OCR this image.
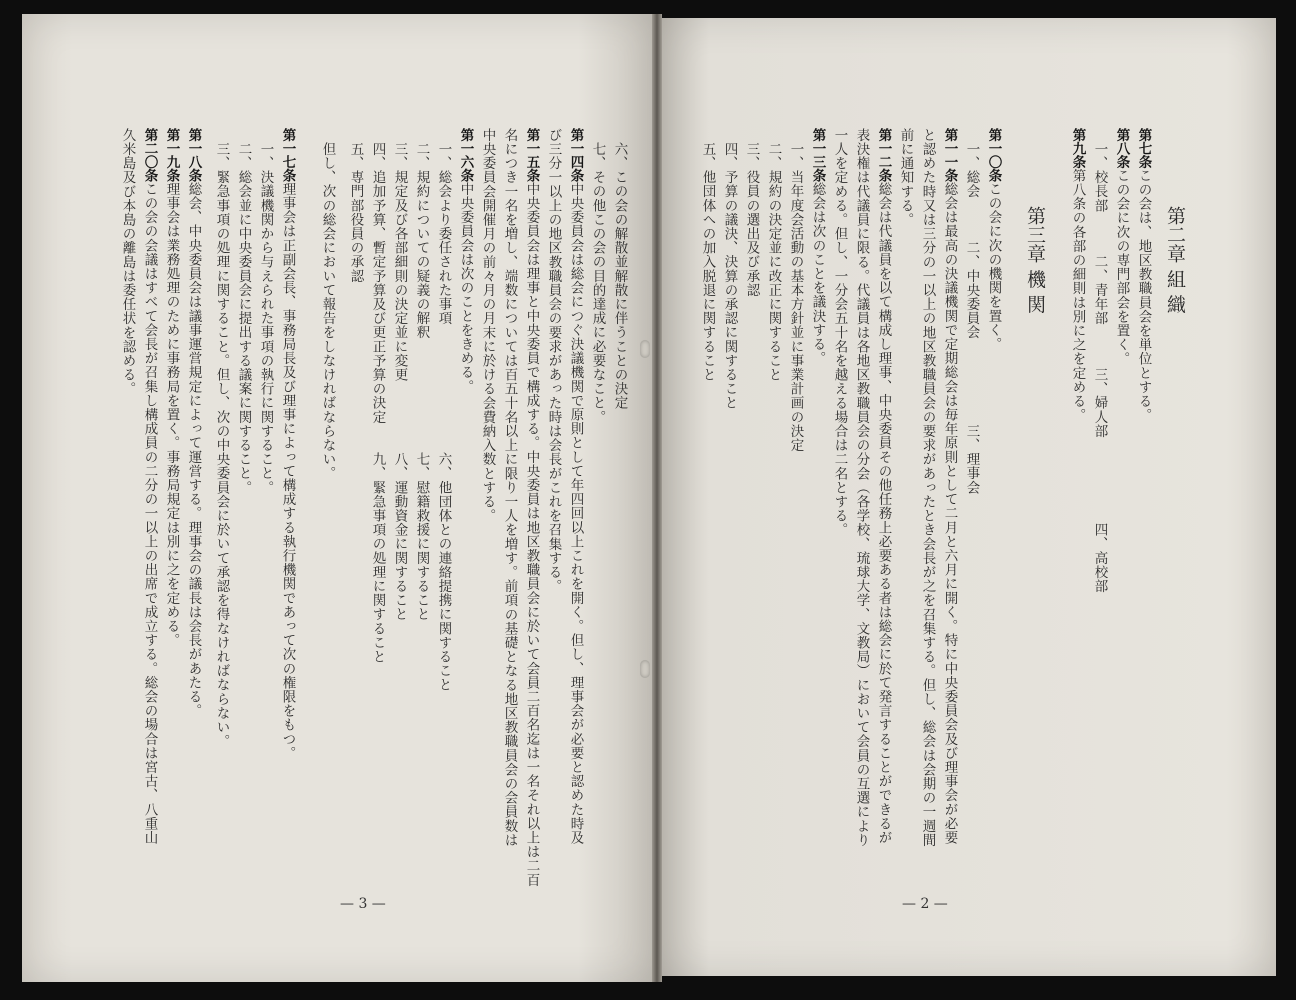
第二章 組 織
第七条この会は、地区教職員会を単位とする。
第八条この会に次の専門部会を置く。
一、校長部　　　二、青年部　　　三、婦人部　　　　　　四、高校部
第九条第八条の各部の細則は別に之を定める。
第三章 機 関
第一〇条この会に次の機関を置く。
一、総会　　　二、中央委員会　　　　　　三、理事会
第一一条総会は最高の決議機関で定期総会は毎年原則として二月と六月に開く。特に中央委員会及び理事会が必要
と認めた時又は三分の一以上の地区教職員会の要求があったとき会長が之を召集する。但し、総会は会期の一週間
前に通知する。
第一二条総会は代議員を以て構成し理事、中央委員その他任務上必要ある者は総会に於て発言することができるが
表決権は代議員に限る。代議員は各地区教職員会の分会（各学校、琉球大学、文教局）において会員の互選により
一人を定める。但し、一分会五十名を越える場合は二名とする。
第一三条総会は次のことを議決する。
一、当年度会活動の基本方針並に事業計画の決定
二、規約の決定並に改正に関すること
三、役員の選出及び承認
四、予算の議決、決算の承認に関すること
五、他団体への加入脱退に関すること
— 2 —
六、この会の解散並解散に伴うことの決定
七、その他この会の目的達成に必要なこと。
第一四条中央委員会は総会につぐ決議機関で原則として年四回以上これを開く。但し、理事会が必要と認めた時及
び三分一以上の地区教職員会の要求があった時は会長がこれを召集する。
第一五条中央委員会は理事と中央委員で構成する。中央委員は地区教職員会に於いて会員二百名迄は一名それ以上は二百
名につき一名を増し、端数については百五十名以上に限り一人を増す。前項の基礎となる地区教職員会の会員数は
中央委員会開催月の前々月の月末に於ける会費納入数とする。
第一六条中央委員会は次のことをきめる。
一、総会より委任された事項　　　　　　　　　六、他団体との連絡提携に関すること
二、規約についての疑義の解釈　　　　　　　　七、慰籍救援に関すること
三、規定及び各部細則の決定並に変更　　　　　八、運動資金に関すること
四、追加予算、暫定予算及び更正予算の決定　　九、緊急事項の処理に関すること
五、専門部役員の承認
但し、次の総会において報告をしなければならない。
第一七条理事会は正副会長、事務局長及び理事によって構成する執行機関であって次の権限をもつ。
一、決議機関から与えられた事項の執行に関すること。
二、総会並に中央委員会に提出する議案に関すること。
三、緊急事項の処理に関すること。但し、次の中央委員会に於いて承認を得なければならない。
第一八条総会、中央委員会は議事運営規定によって運営する。理事会の議長は会長があたる。
第一九条理事会は業務処理のために事務局を置く。事務局規定は別に之を定める。
第二〇条この会の会議はすべて会長が召集し構成員の二分の一以上の出席で成立する。総会の場合は宮古、八重山
久米島及び本島の離島は委任状を認める。
— 3 —
